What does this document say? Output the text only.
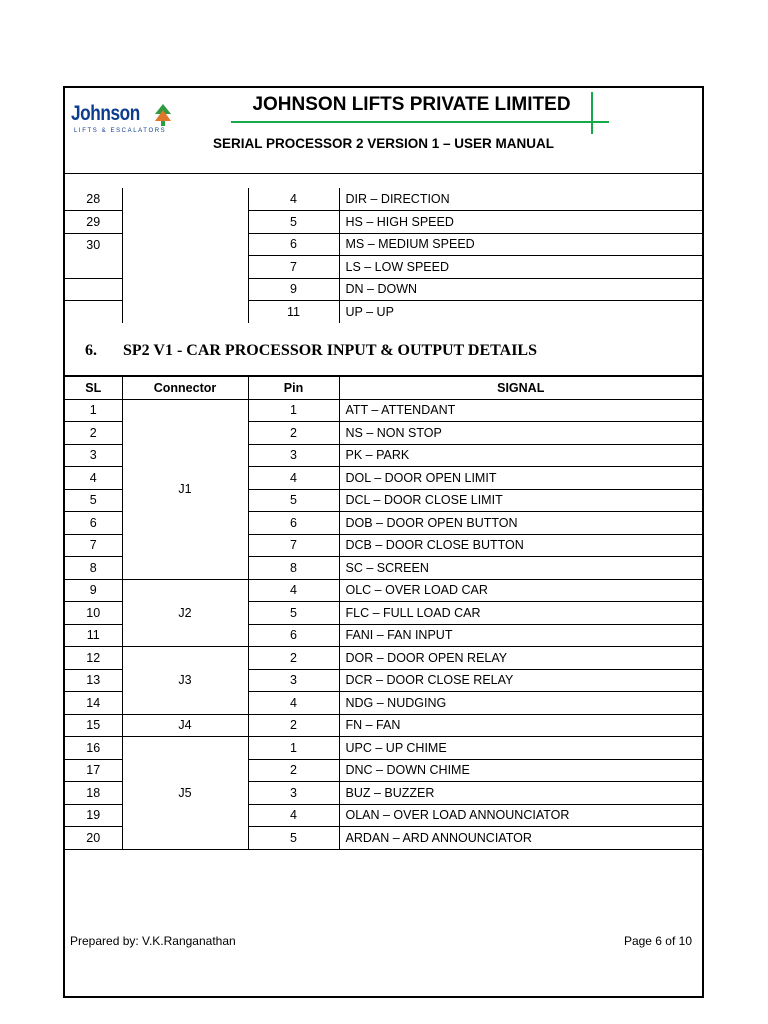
Johnson
LIFTS & ESCALATORS
JOHNSON LIFTS PRIVATE LIMITED
SERIAL PROCESSOR 2 VERSION 1 – USER MANUAL
28		4	DIR – DIRECTION
29		5	HS – HIGH SPEED
30		6	MS – MEDIUM SPEED
		7	LS – LOW SPEED
		9	DN – DOWN
		11	UP – UP
6. SP2 V1 - CAR PROCESSOR INPUT & OUTPUT DETAILS
SL	Connector	Pin	SIGNAL
1	J1	1	ATT – ATTENDANT
2		2	NS – NON STOP
3		3	PK – PARK
4		4	DOL – DOOR OPEN LIMIT
5		5	DCL – DOOR CLOSE LIMIT
6		6	DOB – DOOR OPEN BUTTON
7		7	DCB – DOOR CLOSE BUTTON
8		8	SC – SCREEN
9	J2	4	OLC – OVER LOAD CAR
10		5	FLC – FULL LOAD CAR
11		6	FANI – FAN INPUT
12	J3	2	DOR – DOOR OPEN RELAY
13		3	DCR – DOOR CLOSE RELAY
14		4	NDG – NUDGING
15	J4	2	FN – FAN
16	J5	1	UPC – UP CHIME
17		2	DNC – DOWN CHIME
18		3	BUZ – BUZZER
19		4	OLAN – OVER LOAD ANNOUNCIATOR
20		5	ARDAN – ARD ANNOUNCIATOR
Prepared by: V.K.Ranganathan	Page 6 of 10
